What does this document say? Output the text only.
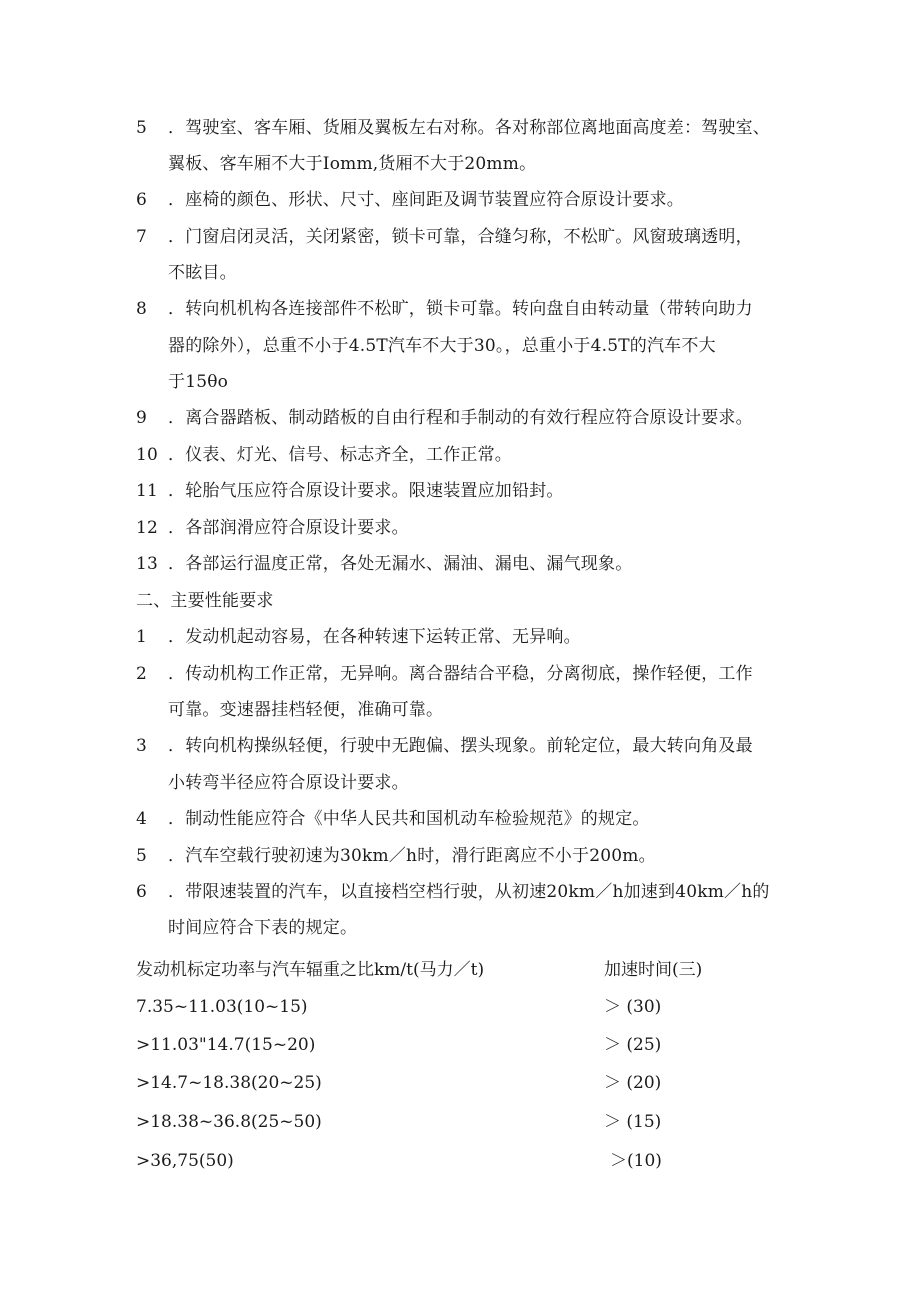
5 ．驾驶室、客车厢、货厢及翼板左右对称。各对称部位离地面高度差：驾驶室、
翼板、客车厢不大于Iomm,货厢不大于20mm。
6 ．座椅的颜色、形状、尺寸、座间距及调节装置应符合原设计要求。
7 ．门窗启闭灵活，关闭紧密，锁卡可靠，合缝匀称，不松旷。风窗玻璃透明，
不眩目。
8 ．转向机机构各连接部件不松旷，锁卡可靠。转向盘自由转动量（带转向助力
器的除外），总重不小于4.5T汽车不大于30。，总重小于4.5T的汽车不大
于15θo
9 ．离合器踏板、制动踏板的自由行程和手制动的有效行程应符合原设计要求。
10 ．仪表、灯光、信号、标志齐全，工作正常。
11 ．轮胎气压应符合原设计要求。限速装置应加铅封。
12 ．各部润滑应符合原设计要求。
13 ．各部运行温度正常，各处无漏水、漏油、漏电、漏气现象。
二、主要性能要求
1 ．发动机起动容易，在各种转速下运转正常、无异响。
2 ．传动机构工作正常，无异响。离合器结合平稳，分离彻底，操作轻便，工作
可靠。变速器挂档轻便，准确可靠。
3 ．转向机构操纵轻便，行驶中无跑偏、摆头现象。前轮定位，最大转向角及最
小转弯半径应符合原设计要求。
4 ．制动性能应符合《中华人民共和国机动车检验规范》的规定。
5 ．汽车空载行驶初速为30km／h时，滑行距离应不小于200m。
6 ．带限速装置的汽车，以直接档空档行驶，从初速20km／h加速到40km／h的
时间应符合下表的规定。
发动机标定功率与汽车辐重之比km/t(马力／t)	加速时间(三)
7.35~11.03(10~15)	＞ (30)
>11.03"14.7(15~20)	＞ (25)
>14.7~18.38(20~25)	＞ (20)
>18.38~36.8(25~50)	＞ (15)
>36,75(50)	＞(10)
